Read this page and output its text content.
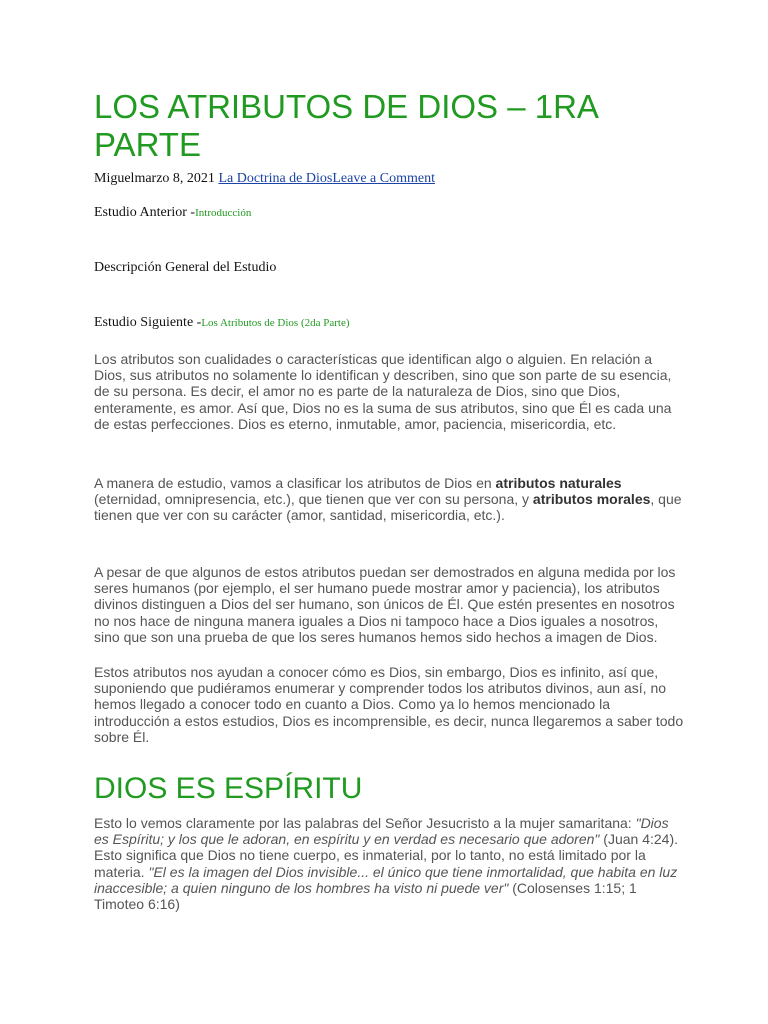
LOS ATRIBUTOS DE DIOS – 1RA PARTE
Miguelmarzo 8, 2021 La Doctrina de DiosLeave a Comment
Estudio Anterior -Introducción
Descripción General del Estudio
Estudio Siguiente -Los Atributos de Dios (2da Parte)

Los atributos son cualidades o características que identifican algo o alguien. En relación a Dios, sus atributos no solamente lo identifican y describen, sino que son parte de su esencia, de su persona. Es decir, el amor no es parte de la naturaleza de Dios, sino que Dios, enteramente, es amor. Así que, Dios no es la suma de sus atributos, sino que Él es cada una de estas perfecciones. Dios es eterno, inmutable, amor, paciencia, misericordia, etc.

A manera de estudio, vamos a clasificar los atributos de Dios en atributos naturales (eternidad, omnipresencia, etc.), que tienen que ver con su persona, y atributos morales, que tienen que ver con su carácter (amor, santidad, misericordia, etc.).

A pesar de que algunos de estos atributos puedan ser demostrados en alguna medida por los seres humanos (por ejemplo, el ser humano puede mostrar amor y paciencia), los atributos divinos distinguen a Dios del ser humano, son únicos de Él. Que estén presentes en nosotros no nos hace de ninguna manera iguales a Dios ni tampoco hace a Dios iguales a nosotros, sino que son una prueba de que los seres humanos hemos sido hechos a imagen de Dios.

Estos atributos nos ayudan a conocer cómo es Dios, sin embargo, Dios es infinito, así que, suponiendo que pudiéramos enumerar y comprender todos los atributos divinos, aun así, no hemos llegado a conocer todo en cuanto a Dios. Como ya lo hemos mencionado la introducción a estos estudios, Dios es incomprensible, es decir, nunca llegaremos a saber todo sobre Él.

DIOS ES ESPÍRITU

Esto lo vemos claramente por las palabras del Señor Jesucristo a la mujer samaritana: "Dios es Espíritu; y los que le adoran, en espíritu y en verdad es necesario que adoren" (Juan 4:24). Esto significa que Dios no tiene cuerpo, es inmaterial, por lo tanto, no está limitado por la materia. "El es la imagen del Dios invisible... el único que tiene inmortalidad, que habita en luz inaccesible; a quien ninguno de los hombres ha visto ni puede ver" (Colosenses 1:15; 1 Timoteo 6:16)
